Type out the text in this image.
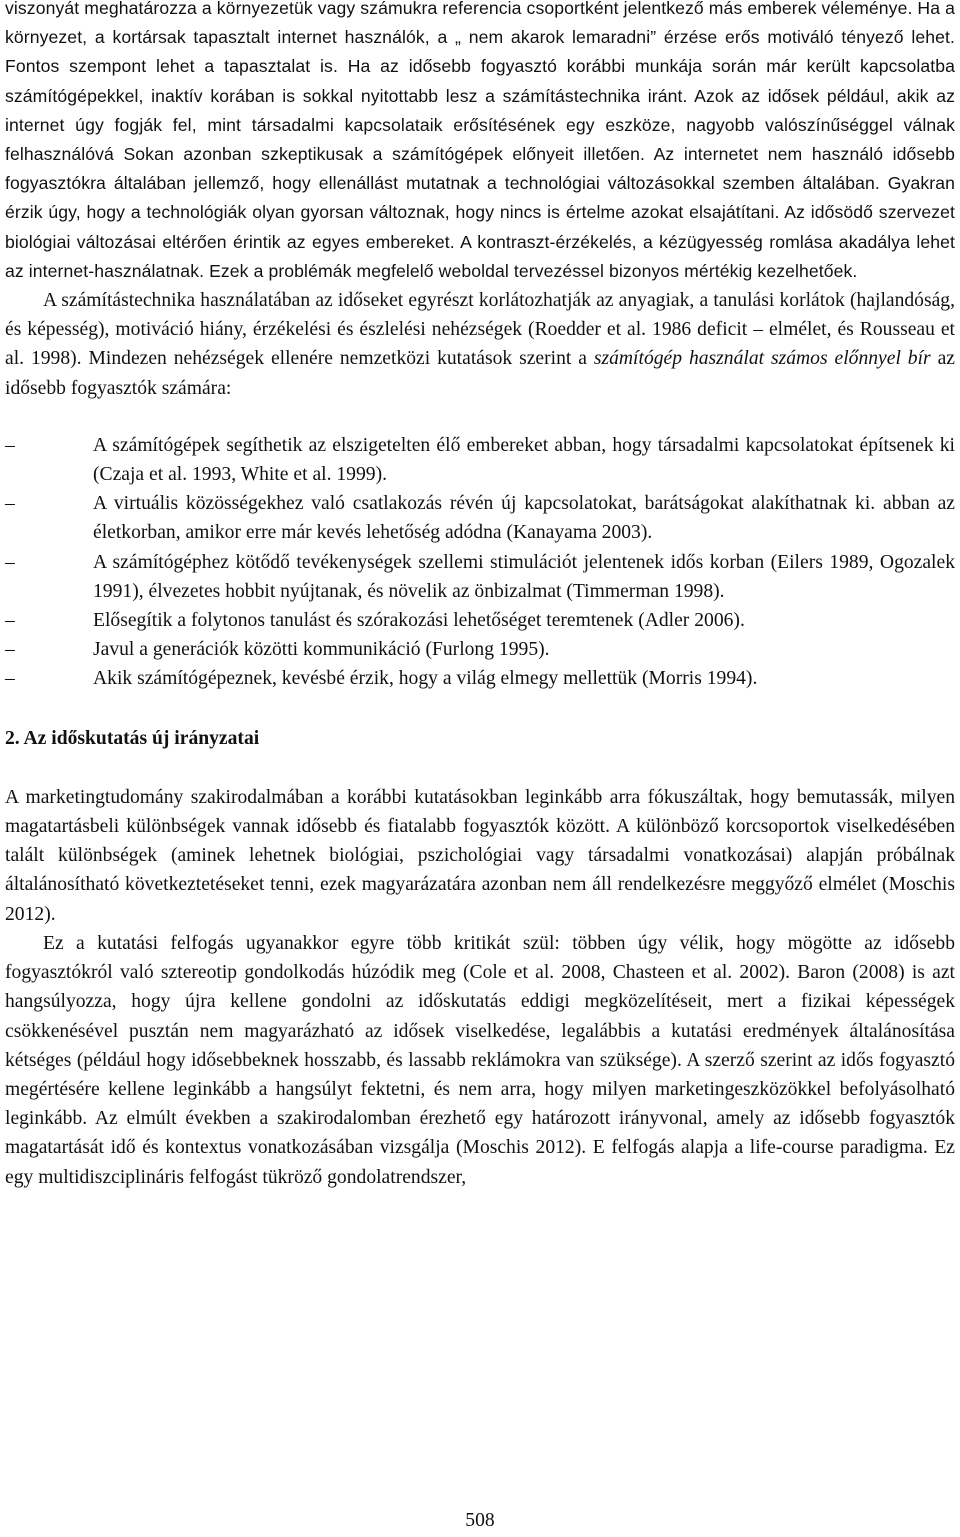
viszonyát meghatározza a környezetük vagy számukra referencia csoportként jelentkező más emberek véleménye. Ha a környezet, a kortársak tapasztalt internet használók, a „ nem akarok lemaradni” érzése erős motiváló tényező lehet. Fontos szempont lehet a tapasztalat is. Ha az idősebb fogyasztó korábbi munkája során már került kapcsolatba számítógépekkel, inaktív korában is sokkal nyitottabb lesz a számítástechnika iránt. Azok az idősek például, akik az internet úgy fogják fel, mint társadalmi kapcsolataik erősítésének egy eszköze, nagyobb valószínűséggel válnak felhasználóvá Sokan azonban szkeptikusak a számítógépek előnyeit illetően. Az internetet nem használó idősebb fogyasztókra általában jellemző, hogy ellenállást mutatnak a technológiai változásokkal szemben általában. Gyakran érzik úgy, hogy a technológiák olyan gyorsan változnak, hogy nincs is értelme azokat elsajátítani. Az idősödő szervezet biológiai változásai eltérően érintik az egyes embereket. A kontraszt-érzékelés, a kézügyesség romlása akadálya lehet az internet-használatnak. Ezek a problémák megfelelő weboldal tervezéssel bizonyos mértékig kezelhetőek.

A számítástechnika használatában az időseket egyrészt korlátozhatják az anyagiak, a tanulási korlátok (hajlandóság, és képesség), motiváció hiány, érzékelési és észlelési nehézségek (Roedder et al. 1986 deficit – elmélet, és Rousseau et al. 1998). Mindezen nehézségek ellenére nemzetközi kutatások szerint a számítógép használat számos előnnyel bír az idősebb fogyasztók számára:

–	A számítógépek segíthetik az elszigetelten élő embereket abban, hogy társadalmi kapcsolatokat építsenek ki (Czaja et al. 1993, White et al. 1999).
–	A virtuális közösségekhez való csatlakozás révén új kapcsolatokat, barátságokat alakíthatnak ki. abban az életkorban, amikor erre már kevés lehetőség adódna (Kanayama 2003).
–	A számítógéphez kötődő tevékenységek szellemi stimulációt jelentenek idős korban (Eilers 1989, Ogozalek 1991), élvezetes hobbit nyújtanak, és növelik az önbizalmat (Timmerman 1998).
–	Elősegítik a folytonos tanulást és szórakozási lehetőséget teremtenek (Adler 2006).
–	Javul a generációk közötti kommunikáció (Furlong 1995).
–	Akik számítógépeznek, kevésbé érzik, hogy a világ elmegy mellettük (Morris 1994).
2. Az időskutatás új irányzatai

A marketingtudomány szakirodalmában a korábbi kutatásokban leginkább arra fókuszáltak, hogy bemutassák, milyen magatartásbeli különbségek vannak idősebb és fiatalabb fogyasztók között. A különböző korcsoportok viselkedésében talált különbségek (aminek lehetnek biológiai, pszichológiai vagy társadalmi vonatkozásai) alapján próbálnak általánosítható következtetéseket tenni, ezek magyarázatára azonban nem áll rendelkezésre meggyőző elmélet (Moschis 2012).

Ez a kutatási felfogás ugyanakkor egyre több kritikát szül: többen úgy vélik, hogy mögötte az idősebb fogyasztókról való sztereotip gondolkodás húzódik meg (Cole et al. 2008, Chasteen et al. 2002). Baron (2008) is azt hangsúlyozza, hogy újra kellene gondolni az időskutatás eddigi megközelítéseit, mert a fizikai képességek csökkenésével pusztán nem magyarázható az idősek viselkedése, legalábbis a kutatási eredmények általánosítása kétséges (például hogy idősebbeknek hosszabb, és lassabb reklámokra van szüksége). A szerző szerint az idős fogyasztó megértésére kellene leginkább a hangsúlyt fektetni, és nem arra, hogy milyen marketingeszközökkel befolyásolható leginkább. Az elmúlt években a szakirodalomban érezhető egy határozott irányvonal, amely az idősebb fogyasztók magatartását idő és kontextus vonatkozásában vizsgálja (Moschis 2012). E felfogás alapja a life-course paradigma. Ez egy multidiszciplináris felfogást tükröző gondolatrendszer,

508
